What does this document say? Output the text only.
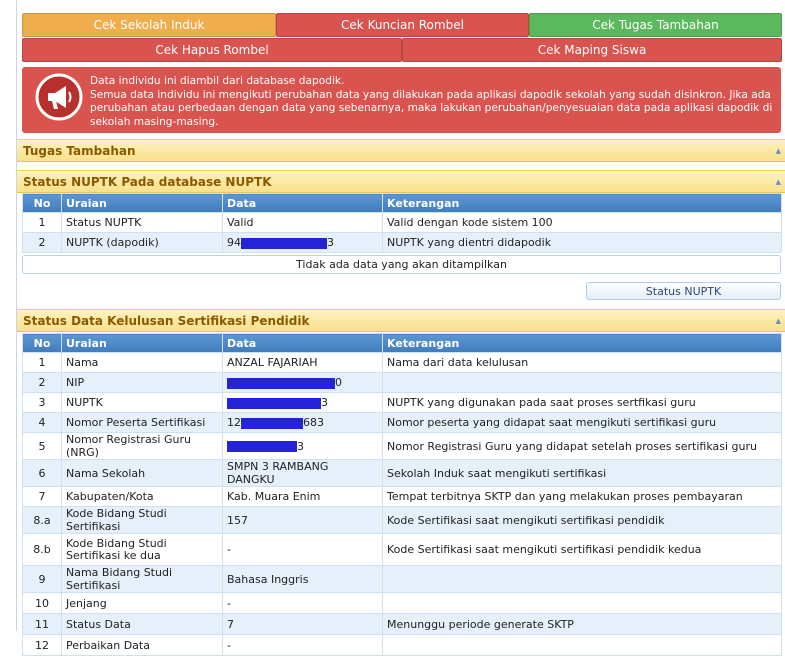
Cek Sekolah Induk	Cek Kuncian Rombel	Cek Tugas Tambahan
Cek Hapus Rombel	Cek Maping Siswa
Data individu ini diambil dari database dapodik.
Semua data individu ini mengikuti perubahan data yang dilakukan pada aplikasi dapodik sekolah yang sudah disinkron. Jika ada perubahan atau perbedaan dengan data yang sebenarnya, maka lakukan perubahan/penyesuaian data pada aplikasi dapodik di sekolah masing-masing.
Tugas Tambahan	▲
Status NUPTK Pada database NUPTK	▲
No	Uraian	Data	Keterangan
1	Status NUPTK	Valid	Valid dengan kode sistem 100
2	NUPTK (dapodik)	94 3	NUPTK yang dientri didapodik
Tidak ada data yang akan ditampilkan
Status NUPTK
Status Data Kelulusan Sertifikasi Pendidik	▲
No	Uraian	Data	Keterangan
1	Nama	ANZAL FAJARIAH	Nama dari data kelulusan
2	NIP	0	
3	NUPTK	3	NUPTK yang digunakan pada saat proses sertfikasi guru
4	Nomor Peserta Sertifikasi	12 683	Nomor peserta yang didapat saat mengikuti sertifikasi guru
5	Nomor Registrasi Guru (NRG)	3	Nomor Registrasi Guru yang didapat setelah proses sertifikasi guru
6	Nama Sekolah	SMPN 3 RAMBANG DANGKU	Sekolah Induk saat mengikuti sertifikasi
7	Kabupaten/Kota	Kab. Muara Enim	Tempat terbitnya SKTP dan yang melakukan proses pembayaran
8.a	Kode Bidang Studi Sertifikasi	157	Kode Sertifikasi saat mengikuti sertifikasi pendidik
8.b	Kode Bidang Studi Sertifikasi ke dua	-	Kode Sertifikasi saat mengikuti sertifikasi pendidik kedua
9	Nama Bidang Studi Sertifikasi	Bahasa Inggris	
10	Jenjang	-	
11	Status Data	7	Menunggu periode generate SKTP
12	Perbaikan Data	-	
